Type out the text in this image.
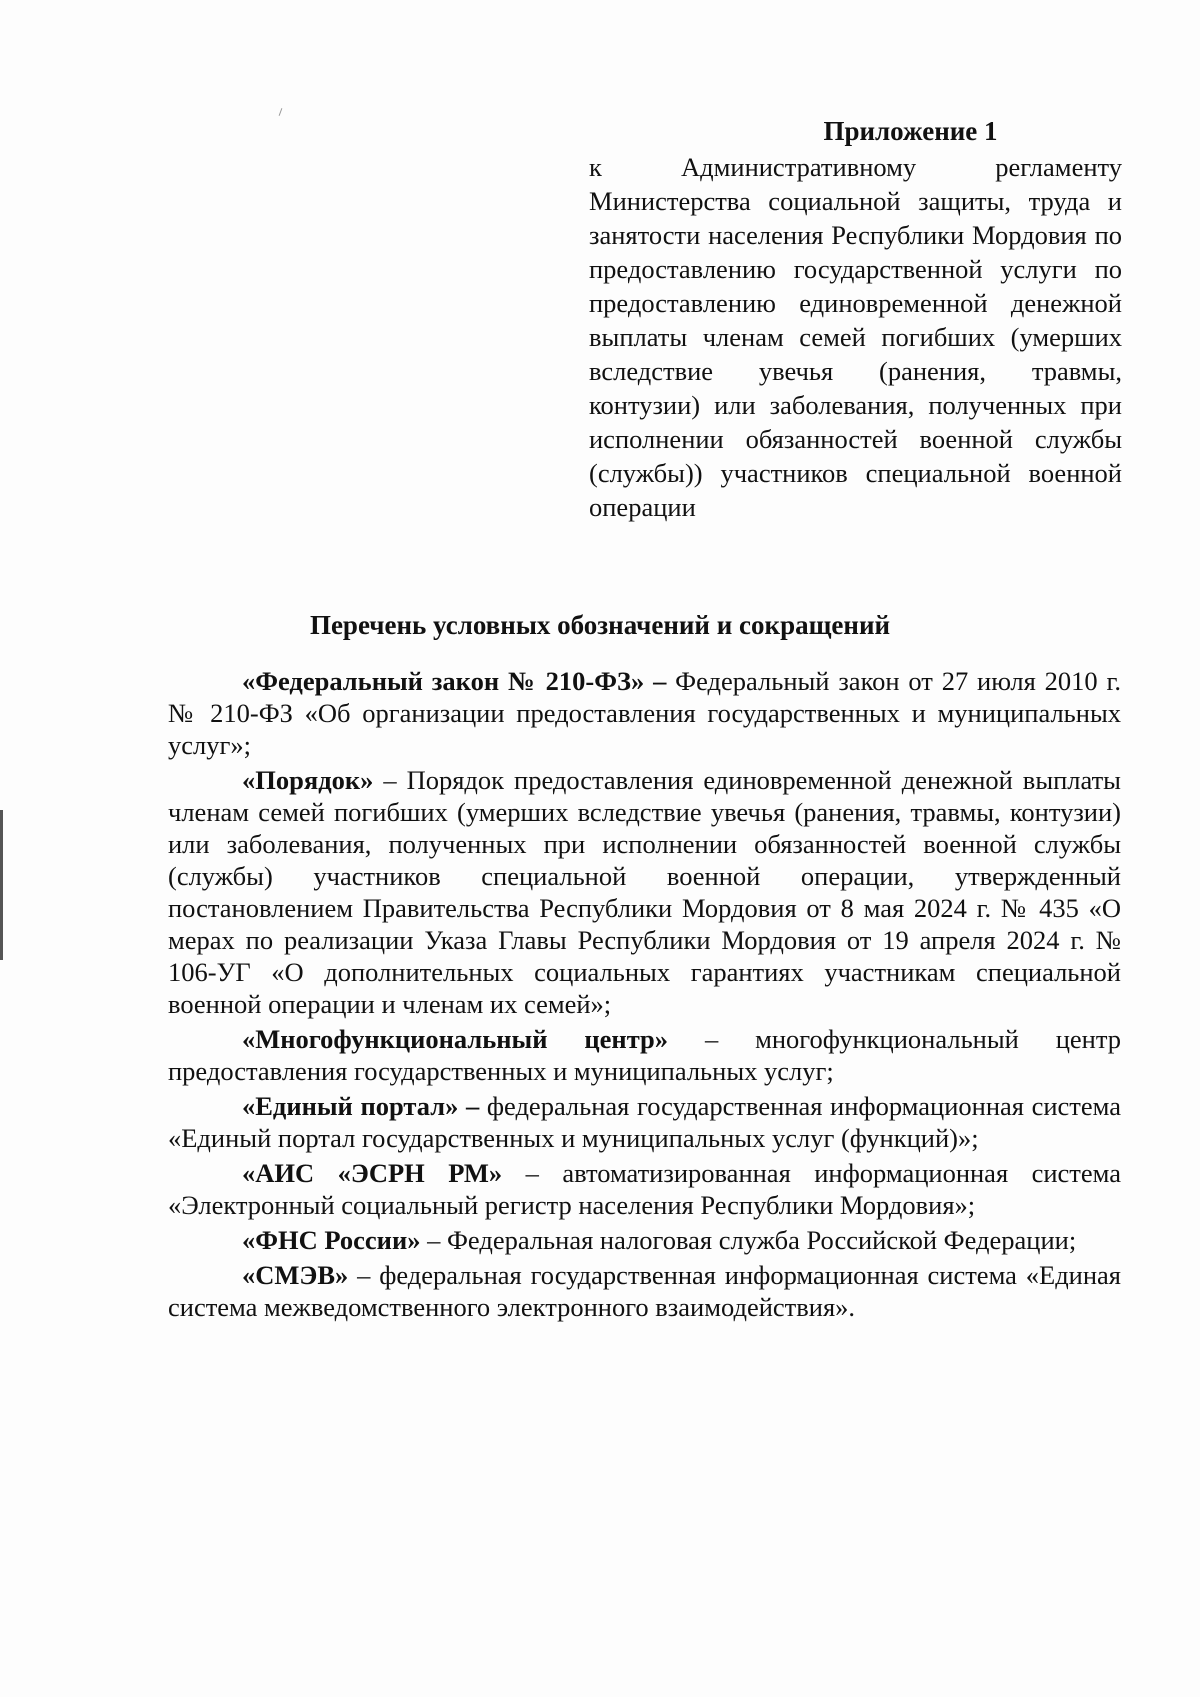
Приложение 1

к Административному регламенту Министерства социальной защиты, труда и занятости населения Республики Мордовия по предоставлению государственной услуги по предоставлению единовременной денежной выплаты членам семей погибших (умерших вследствие увечья (ранения, травмы, контузии) или заболевания, полученных при исполнении обязанностей военной службы (службы)) участников специальной военной операции

Перечень условных обозначений и сокращений

«Федеральный закон № 210-ФЗ» – Федеральный закон от 27 июля 2010 г. № 210-ФЗ «Об организации предоставления государственных и муниципальных услуг»;

«Порядок» – Порядок предоставления единовременной денежной выплаты членам семей погибших (умерших вследствие увечья (ранения, травмы, контузии) или заболевания, полученных при исполнении обязанностей военной службы (службы) участников специальной военной операции, утвержденный постановлением Правительства Республики Мордовия от 8 мая 2024 г. № 435 «О мерах по реализации Указа Главы Республики Мордовия от 19 апреля 2024 г. № 106-УГ «О дополнительных социальных гарантиях участникам специальной военной операции и членам их семей»;

«Многофункциональный центр» – многофункциональный центр предоставления государственных и муниципальных услуг;

«Единый портал» – федеральная государственная информационная система «Единый портал государственных и муниципальных услуг (функций)»;

«АИС «ЭСРН РМ» – автоматизированная информационная система «Электронный социальный регистр населения Республики Мордовия»;

«ФНС России» – Федеральная налоговая служба Российской Федерации;

«СМЭВ» – федеральная государственная информационная система «Единая система межведомственного электронного взаимодействия».
